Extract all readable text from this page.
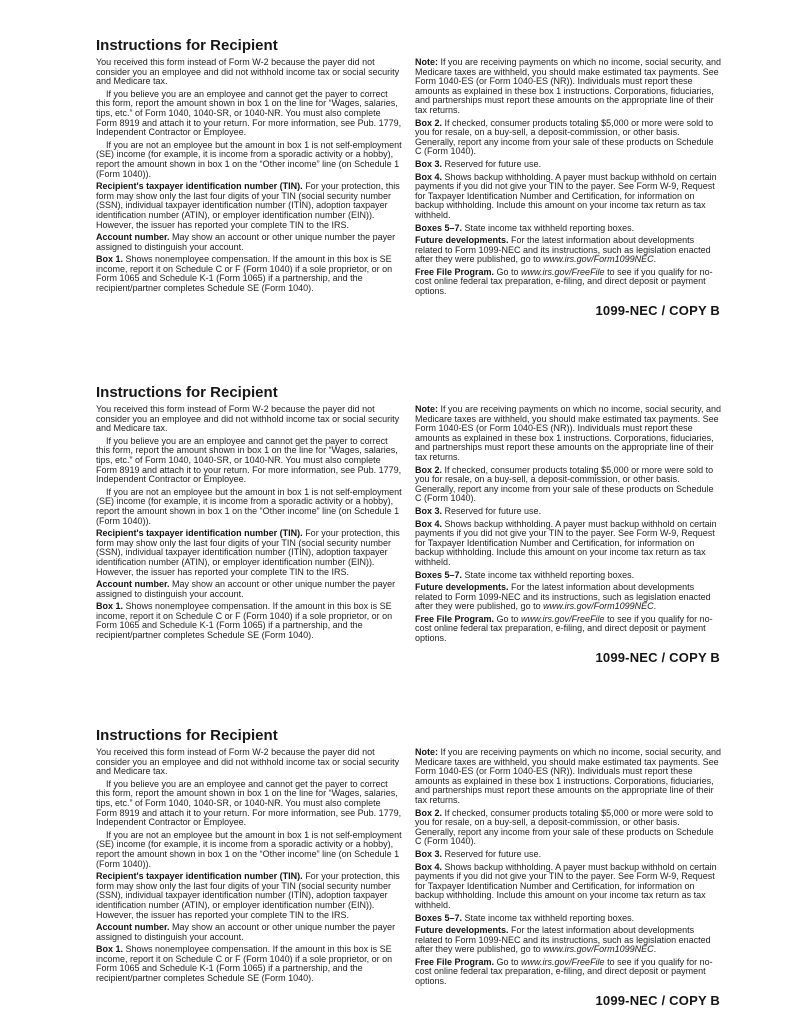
Instructions for Recipient

You received this form instead of Form W-2 because the payer did not consider you an employee and did not withhold income tax or social security and Medicare tax.

If you believe you are an employee and cannot get the payer to correct this form, report the amount shown in box 1 on the line for “Wages, salaries, tips, etc.” of Form 1040, 1040-SR, or 1040-NR. You must also complete Form 8919 and attach it to your return. For more information, see Pub. 1779, Independent Contractor or Employee.

If you are not an employee but the amount in box 1 is not self-employment (SE) income (for example, it is income from a sporadic activity or a hobby), report the amount shown in box 1 on the “Other income” line (on Schedule 1 (Form 1040)).

Recipient's taxpayer identification number (TIN). For your protection, this form may show only the last four digits of your TIN (social security number (SSN), individual taxpayer identification number (ITIN), adoption taxpayer identification number (ATIN), or employer identification number (EIN)). However, the issuer has reported your complete TIN to the IRS.

Account number. May show an account or other unique number the payer assigned to distinguish your account.

Box 1. Shows nonemployee compensation. If the amount in this box is SE income, report it on Schedule C or F (Form 1040) if a sole proprietor, or on Form 1065 and Schedule K-1 (Form 1065) if a partnership, and the recipient/partner completes Schedule SE (Form 1040).

Note: If you are receiving payments on which no income, social security, and Medicare taxes are withheld, you should make estimated tax payments. See Form 1040-ES (or Form 1040-ES (NR)). Individuals must report these amounts as explained in these box 1 instructions. Corporations, fiduciaries, and partnerships must report these amounts on the appropriate line of their tax returns.

Box 2. If checked, consumer products totaling $5,000 or more were sold to you for resale, on a buy-sell, a deposit-commission, or other basis. Generally, report any income from your sale of these products on Schedule C (Form 1040).

Box 3. Reserved for future use.

Box 4. Shows backup withholding. A payer must backup withhold on certain payments if you did not give your TIN to the payer. See Form W-9, Request for Taxpayer Identification Number and Certification, for information on backup withholding. Include this amount on your income tax return as tax withheld.

Boxes 5–7. State income tax withheld reporting boxes.

Future developments. For the latest information about developments related to Form 1099-NEC and its instructions, such as legislation enacted after they were published, go to www.irs.gov/Form1099NEC.

Free File Program. Go to www.irs.gov/FreeFile to see if you qualify for no-cost online federal tax preparation, e-filing, and direct deposit or payment options.

1099-NEC / COPY B
Instructions for Recipient

You received this form instead of Form W-2 because the payer did not consider you an employee and did not withhold income tax or social security and Medicare tax.

If you believe you are an employee and cannot get the payer to correct this form, report the amount shown in box 1 on the line for “Wages, salaries, tips, etc.” of Form 1040, 1040-SR, or 1040-NR. You must also complete Form 8919 and attach it to your return. For more information, see Pub. 1779, Independent Contractor or Employee.

If you are not an employee but the amount in box 1 is not self-employment (SE) income (for example, it is income from a sporadic activity or a hobby), report the amount shown in box 1 on the “Other income” line (on Schedule 1 (Form 1040)).

Recipient's taxpayer identification number (TIN). For your protection, this form may show only the last four digits of your TIN (social security number (SSN), individual taxpayer identification number (ITIN), adoption taxpayer identification number (ATIN), or employer identification number (EIN)). However, the issuer has reported your complete TIN to the IRS.

Account number. May show an account or other unique number the payer assigned to distinguish your account.

Box 1. Shows nonemployee compensation. If the amount in this box is SE income, report it on Schedule C or F (Form 1040) if a sole proprietor, or on Form 1065 and Schedule K-1 (Form 1065) if a partnership, and the recipient/partner completes Schedule SE (Form 1040).

Note: If you are receiving payments on which no income, social security, and Medicare taxes are withheld, you should make estimated tax payments. See Form 1040-ES (or Form 1040-ES (NR)). Individuals must report these amounts as explained in these box 1 instructions. Corporations, fiduciaries, and partnerships must report these amounts on the appropriate line of their tax returns.

Box 2. If checked, consumer products totaling $5,000 or more were sold to you for resale, on a buy-sell, a deposit-commission, or other basis. Generally, report any income from your sale of these products on Schedule C (Form 1040).

Box 3. Reserved for future use.

Box 4. Shows backup withholding. A payer must backup withhold on certain payments if you did not give your TIN to the payer. See Form W-9, Request for Taxpayer Identification Number and Certification, for information on backup withholding. Include this amount on your income tax return as tax withheld.

Boxes 5–7. State income tax withheld reporting boxes.

Future developments. For the latest information about developments related to Form 1099-NEC and its instructions, such as legislation enacted after they were published, go to www.irs.gov/Form1099NEC.

Free File Program. Go to www.irs.gov/FreeFile to see if you qualify for no-cost online federal tax preparation, e-filing, and direct deposit or payment options.

1099-NEC / COPY B
Instructions for Recipient

You received this form instead of Form W-2 because the payer did not consider you an employee and did not withhold income tax or social security and Medicare tax.

If you believe you are an employee and cannot get the payer to correct this form, report the amount shown in box 1 on the line for “Wages, salaries, tips, etc.” of Form 1040, 1040-SR, or 1040-NR. You must also complete Form 8919 and attach it to your return. For more information, see Pub. 1779, Independent Contractor or Employee.

If you are not an employee but the amount in box 1 is not self-employment (SE) income (for example, it is income from a sporadic activity or a hobby), report the amount shown in box 1 on the “Other income” line (on Schedule 1 (Form 1040)).

Recipient's taxpayer identification number (TIN). For your protection, this form may show only the last four digits of your TIN (social security number (SSN), individual taxpayer identification number (ITIN), adoption taxpayer identification number (ATIN), or employer identification number (EIN)). However, the issuer has reported your complete TIN to the IRS.

Account number. May show an account or other unique number the payer assigned to distinguish your account.

Box 1. Shows nonemployee compensation. If the amount in this box is SE income, report it on Schedule C or F (Form 1040) if a sole proprietor, or on Form 1065 and Schedule K-1 (Form 1065) if a partnership, and the recipient/partner completes Schedule SE (Form 1040).

Note: If you are receiving payments on which no income, social security, and Medicare taxes are withheld, you should make estimated tax payments. See Form 1040-ES (or Form 1040-ES (NR)). Individuals must report these amounts as explained in these box 1 instructions. Corporations, fiduciaries, and partnerships must report these amounts on the appropriate line of their tax returns.

Box 2. If checked, consumer products totaling $5,000 or more were sold to you for resale, on a buy-sell, a deposit-commission, or other basis. Generally, report any income from your sale of these products on Schedule C (Form 1040).

Box 3. Reserved for future use.

Box 4. Shows backup withholding. A payer must backup withhold on certain payments if you did not give your TIN to the payer. See Form W-9, Request for Taxpayer Identification Number and Certification, for information on backup withholding. Include this amount on your income tax return as tax withheld.

Boxes 5–7. State income tax withheld reporting boxes.

Future developments. For the latest information about developments related to Form 1099-NEC and its instructions, such as legislation enacted after they were published, go to www.irs.gov/Form1099NEC.

Free File Program. Go to www.irs.gov/FreeFile to see if you qualify for no-cost online federal tax preparation, e-filing, and direct deposit or payment options.

1099-NEC / COPY B
